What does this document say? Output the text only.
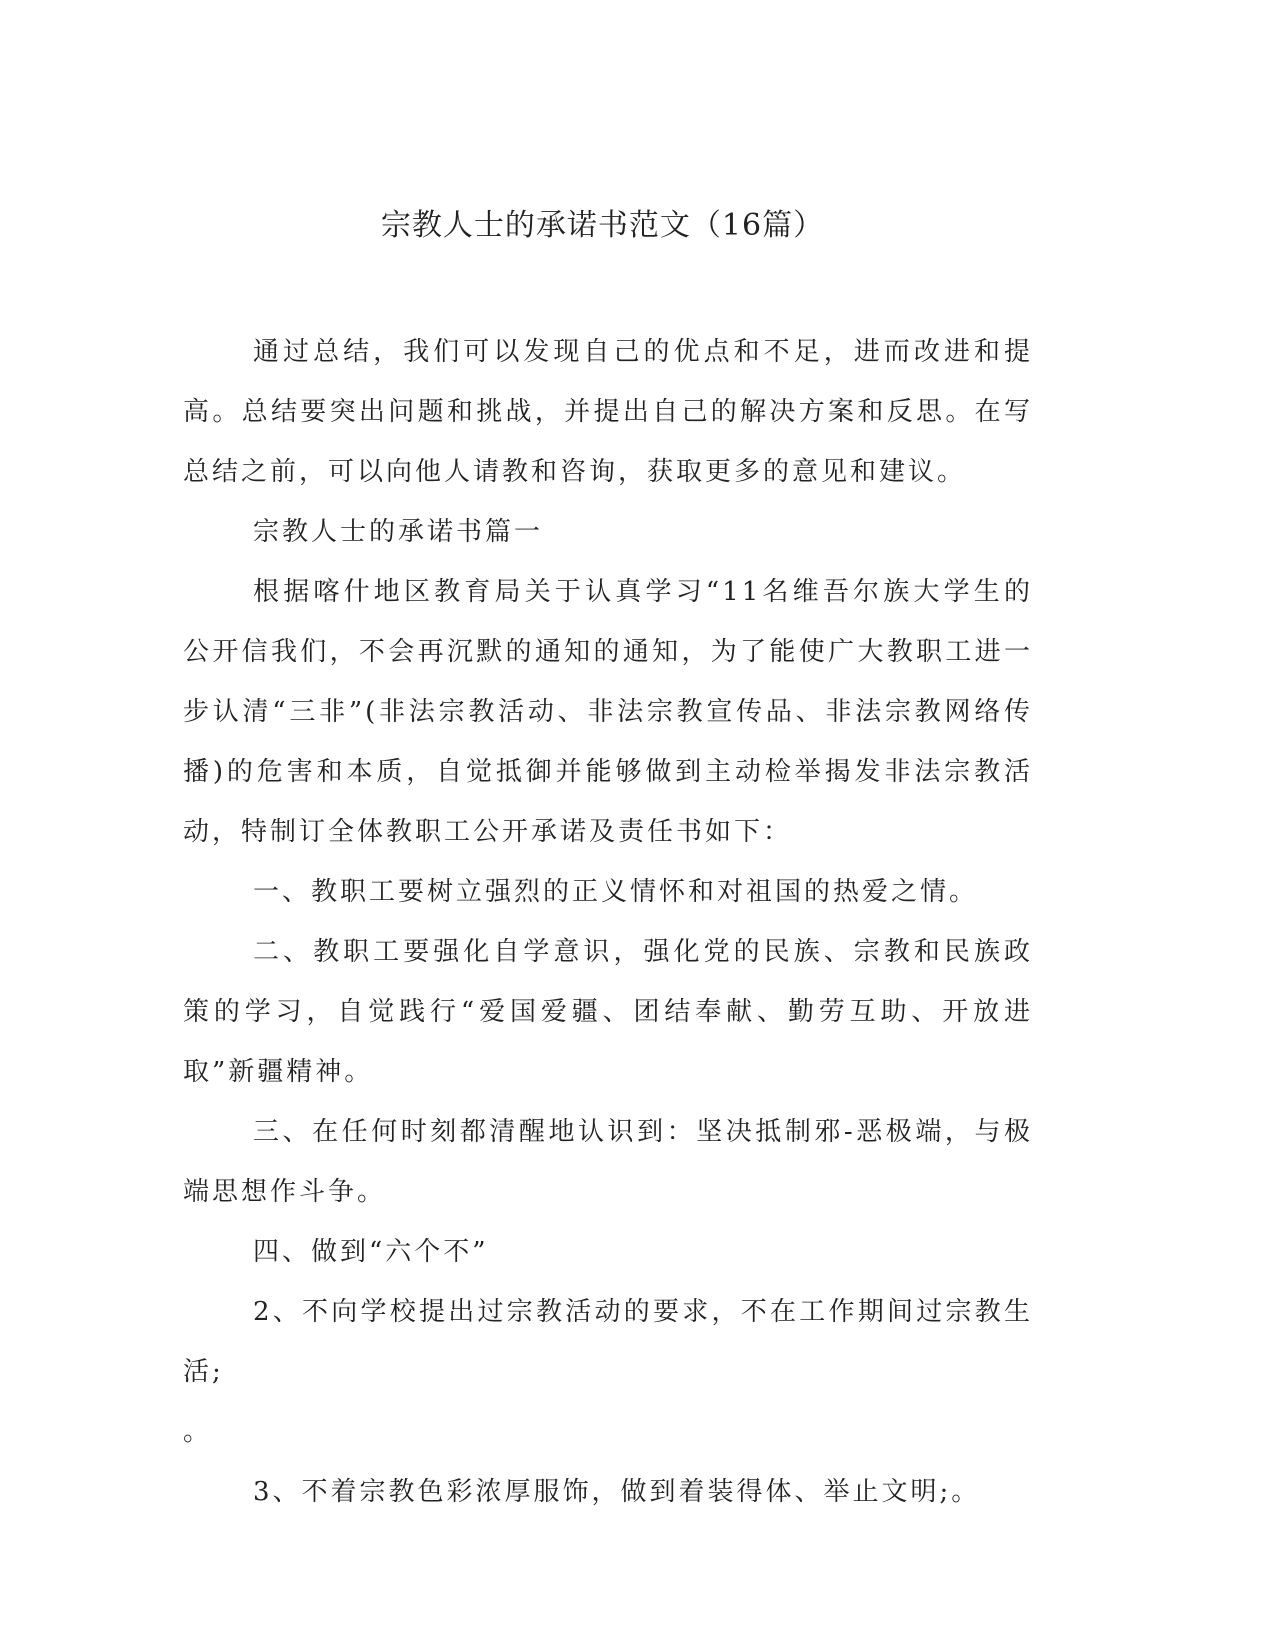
宗教人士的承诺书范文（16篇）

通过总结，我们可以发现自己的优点和不足，进而改进和提高。总结要突出问题和挑战，并提出自己的解决方案和反思。在写总结之前，可以向他人请教和咨询，获取更多的意见和建议。

宗教人士的承诺书篇一

根据喀什地区教育局关于认真学习“11名维吾尔族大学生的公开信我们，不会再沉默的通知的通知，为了能使广大教职工进一步认清“三非”(非法宗教活动、非法宗教宣传品、非法宗教网络传播)的危害和本质，自觉抵御并能够做到主动检举揭发非法宗教活动，特制订全体教职工公开承诺及责任书如下：

一、教职工要树立强烈的正义情怀和对祖国的热爱之情。

二、教职工要强化自学意识，强化党的民族、宗教和民族政策的学习，自觉践行“爱国爱疆、团结奉献、勤劳互助、开放进取”新疆精神。

三、在任何时刻都清醒地认识到：坚决抵制邪-恶极端，与极端思想作斗争。

四、做到“六个不”

2、不向学校提出过宗教活动的要求，不在工作期间过宗教生活;

。

3、不着宗教色彩浓厚服饰，做到着装得体、举止文明;。
